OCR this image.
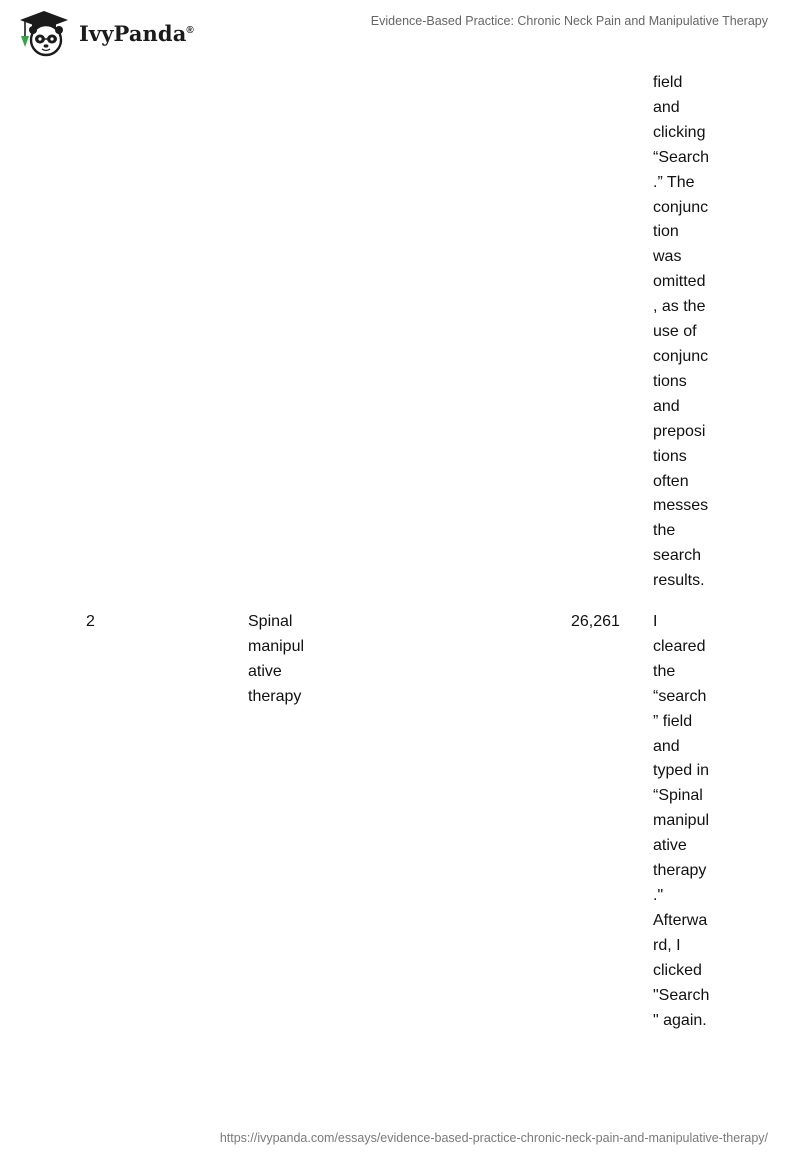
IvyPanda®
Evidence-Based Practice: Chronic Neck Pain and Manipulative Therapy
field
and
clicking
“Search
.” The
conjunc
tion
was
omitted
, as the
use of
conjunc
tions
and
preposi
tions
often
messes
the
search
results.
2	Spinal
manipul
ative
therapy
26,261 I
cleared
the
“search
” field
and
typed in
“Spinal
manipul
ative
therapy
."
Afterwa
rd, I
clicked
"Search
" again.
https://ivypanda.com/essays/evidence-based-practice-chronic-neck-pain-and-manipulative-therapy/
